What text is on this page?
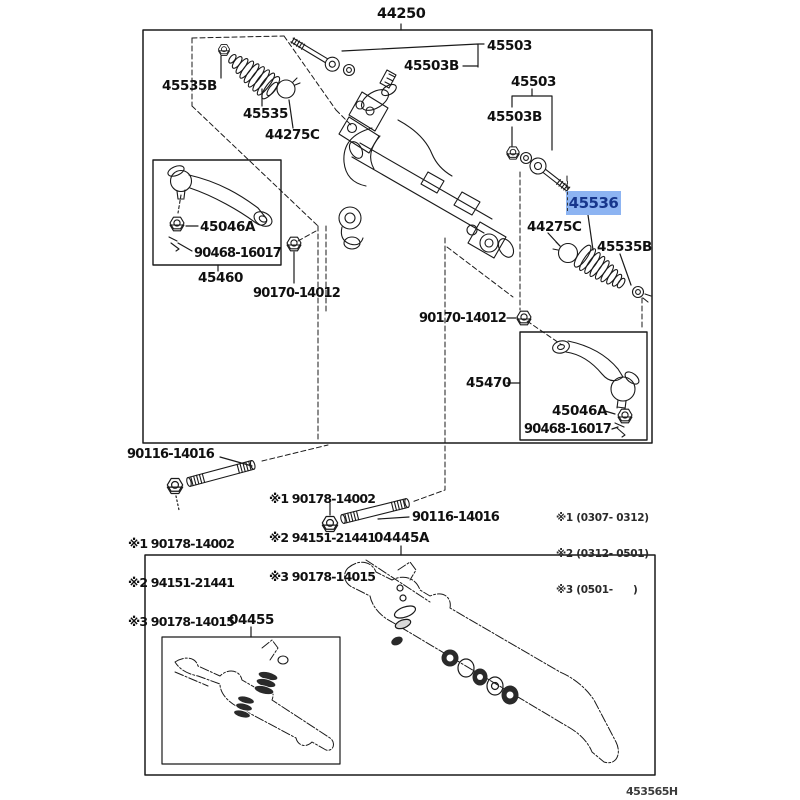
44250
45503
45503B
45535B
45535
44275C
45503
45503B
45536
44275C
45535B
45046A
90468-16017
45460
90170-14012
90170-14012
45470
45046A
90468-16017
90116-14016

※1 90178-14002

※2 94151-21441

※3 90178-14015

※1 90178-14002

※2 94151-21441

※3 90178-14015

90116-14016
04445A

※1 (0307- 0312)

※2 (0312- 0501)

※3 (0501-      )

04455
453565H
